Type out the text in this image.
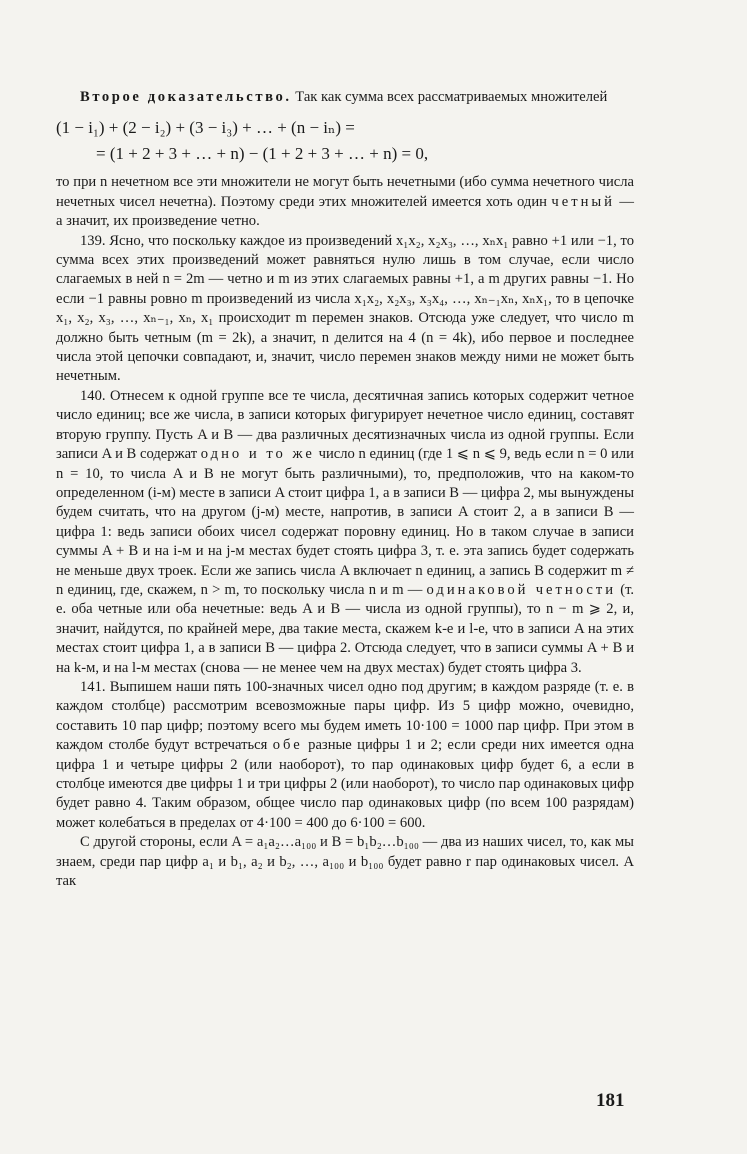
Второе доказательство. Так как сумма всех рассматриваемых множителей

(1 − i₁) + (2 − i₂) + (3 − i₃) + … + (n − iₙ) =
= (1 + 2 + 3 + … + n) − (1 + 2 + 3 + … + n) = 0,

то при n нечетном все эти множители не могут быть нечетными (ибо сумма нечетного числа нечетных чисел нечетна). Поэтому среди этих множителей имеется хоть один четный — а значит, их произведение четно.

139. Ясно, что поскольку каждое из произведений x₁x₂, x₂x₃, …, xₙx₁ равно +1 или −1, то сумма всех этих произведений может равняться нулю лишь в том случае, если число слагаемых в ней n = 2m — четно и m из этих слагаемых равны +1, а m других равны −1. Но если −1 равны ровно m произведений из числа x₁x₂, x₂x₃, x₃x₄, …, xₙ₋₁xₙ, xₙx₁, то в цепочке x₁, x₂, x₃, …, xₙ₋₁, xₙ, x₁ происходит m перемен знаков. Отсюда уже следует, что число m должно быть четным (m = 2k), а значит, n делится на 4 (n = 4k), ибо первое и последнее числа этой цепочки совпадают, и, значит, число перемен знаков между ними не может быть нечетным.

140. Отнесем к одной группе все те числа, десятичная запись которых содержит четное число единиц; все же числа, в записи которых фигурирует нечетное число единиц, составят вторую группу. Пусть A и B — два различных десятизначных числа из одной группы. Если записи A и B содержат одно и то же число n единиц (где 1 ⩽ n ⩽ 9, ведь если n = 0 или n = 10, то числа A и B не могут быть различными), то, предположив, что на каком-то определенном (i-м) месте в записи A стоит цифра 1, а в записи B — цифра 2, мы вынуждены будем считать, что на другом (j-м) месте, напротив, в записи A стоит 2, а в записи B — цифра 1: ведь записи обоих чисел содержат поровну единиц. Но в таком случае в записи суммы A + B и на i-м и на j-м местах будет стоять цифра 3, т. е. эта запись будет содержать не меньше двух троек. Если же запись числа A включает n единиц, а запись B содержит m ≠ n единиц, где, скажем, n > m, то поскольку числа n и m — одинаковой четности (т. е. оба четные или оба нечетные: ведь A и B — числа из одной группы), то n − m ⩾ 2, и, значит, найдутся, по крайней мере, два такие места, скажем k-е и l-е, что в записи A на этих местах стоит цифра 1, а в записи B — цифра 2. Отсюда следует, что в записи суммы A + B и на k-м, и на l-м местах (снова — не менее чем на двух местах) будет стоять цифра 3.

141. Выпишем наши пять 100-значных чисел одно под другим; в каждом разряде (т. е. в каждом столбце) рассмотрим всевозможные пары цифр. Из 5 цифр можно, очевидно, составить 10 пар цифр; поэтому всего мы будем иметь 10·100 = 1000 пар цифр. При этом в каждом столбе будут встречаться обе разные цифры 1 и 2; если среди них имеется одна цифра 1 и четыре цифры 2 (или наоборот), то пар одинаковых цифр будет 6, а если в столбце имеются две цифры 1 и три цифры 2 (или наоборот), то число пар одинаковых цифр будет равно 4. Таким образом, общее число пар одинаковых цифр (по всем 100 разрядам) может колебаться в пределах от 4·100 = 400 до 6·100 = 600.

С другой стороны, если A = a₁a₂…a₁₀₀ и B = b₁b₂…b₁₀₀ — два из наших чисел, то, как мы знаем, среди пар цифр a₁ и b₁, a₂ и b₂, …, a₁₀₀ и b₁₀₀ будет равно r пар одинаковых чисел. А так

181
